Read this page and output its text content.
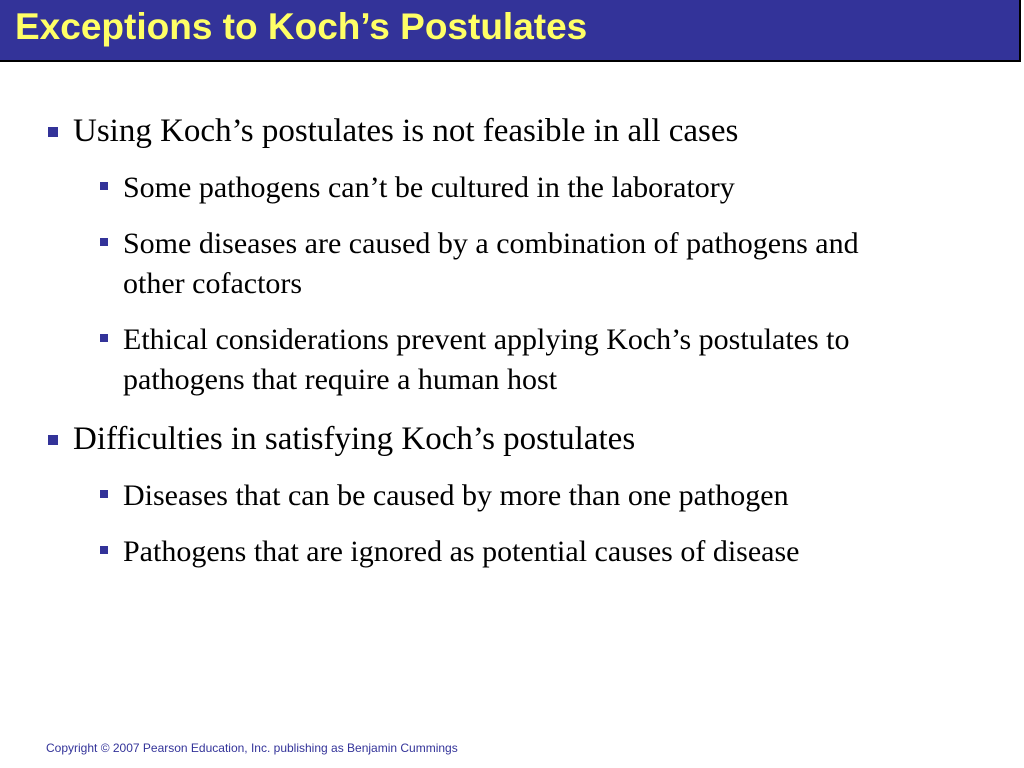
Exceptions to Koch’s Postulates
Using Koch’s postulates is not feasible in all cases
Some pathogens can’t be cultured in the laboratory
Some diseases are caused by a combination of pathogens and other cofactors
Ethical considerations prevent applying Koch’s postulates to pathogens that require a human host
Difficulties in satisfying Koch’s postulates
Diseases that can be caused by more than one pathogen
Pathogens that are ignored as potential causes of disease
Copyright © 2007 Pearson Education, Inc. publishing as Benjamin Cummings
